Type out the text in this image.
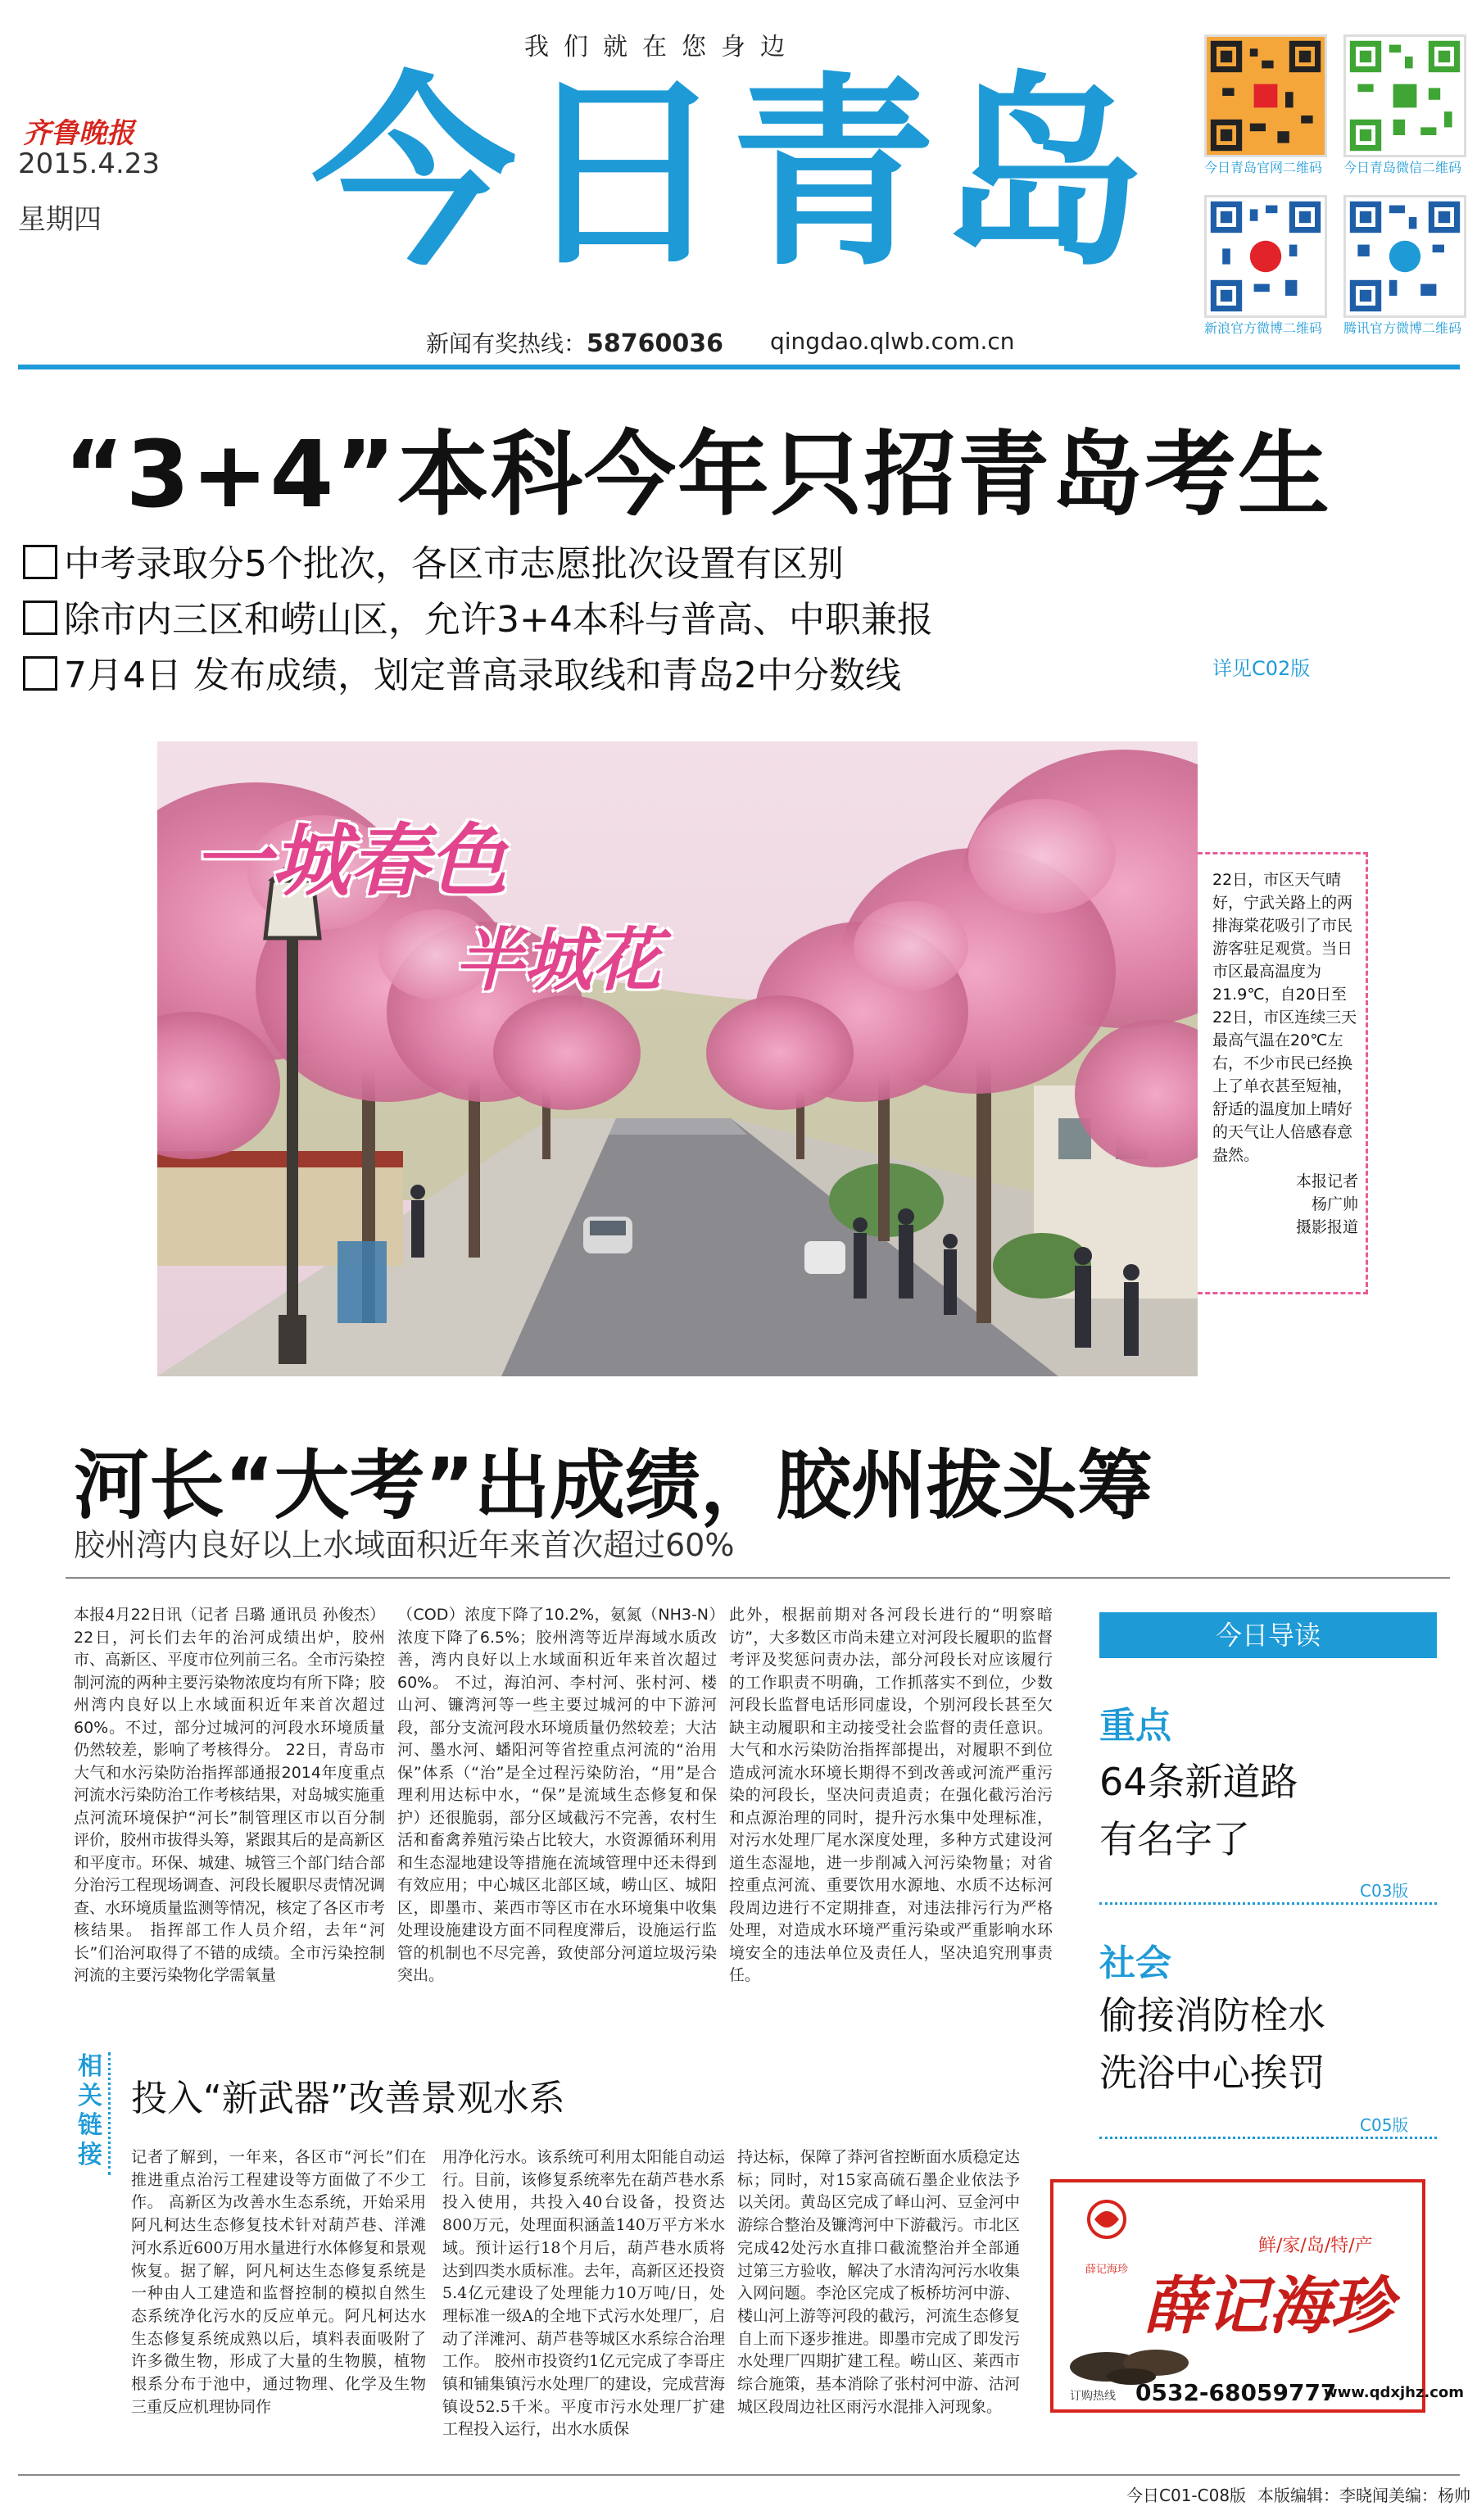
我们就在您身边
齐鲁晚报
2015.4.23
星期四 今日青岛
新闻有奖热线：58760036 qingdao.qlwb.com.cn
今日青岛官网二维码	今日青岛微信二维码
新浪官方微博二维码	腾讯官方微博二维码
“3+4”本科今年只招青岛考生
中考录取分5个批次，各区市志愿批次设置有区别
除市内三区和崂山区，允许3+4本科与普高、中职兼报
7月4日 发布成绩，划定普高录取线和青岛2中分数线	详见C02版
一城春色
半城花
22日，市区天气晴好，宁武关路上的两排海棠花吸引了市民游客驻足观赏。当日市区最高温度为21.9℃，自20日至22日，市区连续三天最高气温在20℃左右，不少市民已经换上了单衣甚至短袖，舒适的温度加上晴好的天气让人倍感春意盎然。
本报记者
杨广帅
摄影报道
河长“大考”出成绩，胶州拔头筹
胶州湾内良好以上水域面积近年来首次超过60%
本报4月22日讯（记者 吕璐 通讯员 孙俊杰） 22日，河长们去年的治河成绩出炉，胶州市、高新区、平度市位列前三名。全市污染控制河流的两种主要污染物浓度均有所下降；胶州湾内良好以上水域面积近年来首次超过60%。不过，部分过城河的河段水环境质量仍然较差，影响了考核得分。 22日，青岛市大气和水污染防治指挥部通报2014年度重点河流水污染防治工作考核结果，对岛城实施重点河流环境保护“河长”制管理区市以百分制评价，胶州市拔得头筹，紧跟其后的是高新区和平度市。环保、城建、城管三个部门结合部分治污工程现场调查、河段长履职尽责情况调查、水环境质量监测等情况，核定了各区市考核结果。 指挥部工作人员介绍，去年“河长”们治河取得了不错的成绩。全市污染控制河流的主要污染物化学需氧量
（COD）浓度下降了10.2%，氨氮（NH3-N）浓度下降了6.5%；胶州湾等近岸海域水质改善，湾内良好以上水域面积近年来首次超过60%。 不过，海泊河、李村河、张村河、楼山河、镰湾河等一些主要过城河的中下游河段，部分支流河段水环境质量仍然较差；大沽河、墨水河、蟠阳河等省控重点河流的“治用保”体系（“治”是全过程污染防治，“用”是合理利用达标中水，“保”是流域生态修复和保护）还很脆弱，部分区域截污不完善，农村生活和畜禽养殖污染占比较大，水资源循环利用和生态湿地建设等措施在流域管理中还未得到有效应用；中心城区北部区域，崂山区、城阳区，即墨市、莱西市等区市在水环境集中收集处理设施建设方面不同程度滞后，设施运行监管的机制也不尽完善，致使部分河道垃圾污染突出。
此外，根据前期对各河段长进行的“明察暗访”，大多数区市尚未建立对河段长履职的监督考评及奖惩问责办法，部分河段长对应该履行的工作职责不明确，工作抓落实不到位，少数河段长监督电话形同虚设，个别河段长甚至欠缺主动履职和主动接受社会监督的责任意识。大气和水污染防治指挥部提出，对履职不到位造成河流水环境长期得不到改善或河流严重污染的河段长，坚决问责追责；在强化截污治污和点源治理的同时，提升污水集中处理标准，对污水处理厂尾水深度处理，多种方式建设河道生态湿地，进一步削减入河污染物量；对省控重点河流、重要饮用水源地、水质不达标河段周边进行不定期排查，对违法排污行为严格处理，对造成水环境严重污染或严重影响水环境安全的违法单位及责任人，坚决追究刑事责任。
相关链接
投入“新武器”改善景观水系
记者了解到，一年来，各区市“河长”们在推进重点治污工程建设等方面做了不少工作。 高新区为改善水生态系统，开始采用阿凡柯达生态修复技术针对葫芦巷、洋滩河水系近600万用水量进行水体修复和景观恢复。据了解，阿凡柯达生态修复系统是一种由人工建造和监督控制的模拟自然生态系统净化污水的反应单元。阿凡柯达水生态修复系统成熟以后，填料表面吸附了许多微生物，形成了大量的生物膜，植物根系分布于池中，通过物理、化学及生物三重反应机理协同作
用净化污水。该系统可利用太阳能自动运行。目前，该修复系统率先在葫芦巷水系投入使用，共投入40台设备，投资达800万元，处理面积涵盖140万平方米水域。预计运行18个月后，葫芦巷水质将达到四类水质标准。去年，高新区还投资5.4亿元建设了处理能力10万吨/日，处理标准一级A的全地下式污水处理厂，启动了洋滩河、葫芦巷等城区水系综合治理工作。 胶州市投资约1亿元完成了李哥庄镇和铺集镇污水处理厂的建设，完成营海镇设52.5千米。平度市污水处理厂扩建工程投入运行，出水水质保
持达标，保障了莽河省控断面水质稳定达标；同时，对15家高硫石墨企业依法予以关闭。黄岛区完成了峄山河、豆金河中游综合整治及镰湾河中下游截污。市北区完成42处污水直排口截流整治并全部通过第三方验收，解决了水清沟河污水收集入网问题。李沧区完成了板桥坊河中游、楼山河上游等河段的截污，河流生态修复自上而下逐步推进。即墨市完成了即发污水处理厂四期扩建工程。崂山区、莱西市综合施策，基本消除了张村河中游、沽河城区段周边社区雨污水混排入河现象。
今日导读
重点
64条新道路
有名字了
C03版
社会
偷接消防栓水
洗浴中心挨罚
C05版
薛记海珍
鲜/家/岛/特/产
薛记海珍
订购热线 0532-68059777
www.qdxjhz.com
今日C01-C08版 本版编辑：李晓闻 美编：杨帅
